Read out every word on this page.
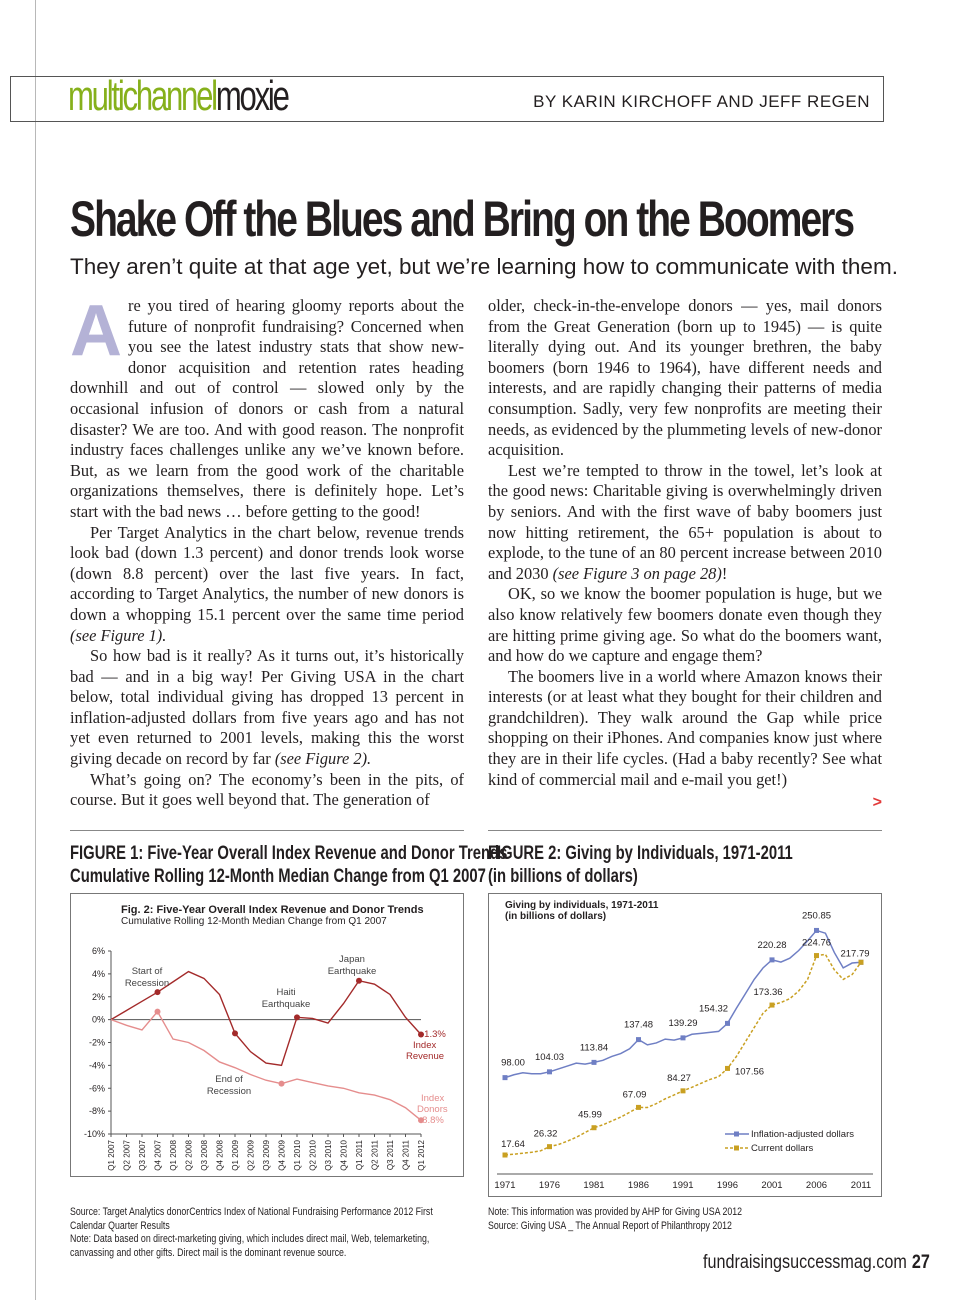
multichannelmoxie	BY KARIN KIRCHOFF AND JEFF REGEN
Shake Off the Blues and Bring on the Boomers
They aren’t quite at that age yet, but we’re learning how to communicate with them.

Are you tired of hearing gloomy reports about the future of nonprofit fundraising? Concerned when you see the latest industry stats that show new-donor acquisition and retention rates heading downhill and out of control — slowed only by the occasional infusion of donors or cash from a natural disaster? We are too. And with good reason. The nonprofit industry faces challenges unlike any we’ve known before. But, as we learn from the good work of the charitable organizations themselves, there is definitely hope. Let’s start with the bad news … before getting to the good!

Per Target Analytics in the chart below, revenue trends look bad (down 1.3 percent) and donor trends look worse (down 8.8 percent) over the last five years. In fact, according to Target Analytics, the number of new donors is down a whopping 15.1 percent over the same time period (see Figure 1).

So how bad is it really? As it turns out, it’s historically bad — and in a big way! Per Giving USA in the chart below, total individual giving has dropped 13 percent in inflation-adjusted dollars from five years ago and has not yet even returned to 2001 levels, making this the worst giving decade on record by far (see Figure 2).

What’s going on? The economy’s been in the pits, of course. But it goes well beyond that. The generation of

older, check-in-the-envelope donors — yes, mail donors from the Great Generation (born up to 1945) — is quite literally dying out. And its younger brethren, the baby boomers (born 1946 to 1964), have different needs and interests, and are rapidly changing their patterns of media consumption. Sadly, very few nonprofits are meeting their needs, as evidenced by the plummeting levels of new-donor acquisition.

Lest we’re tempted to throw in the towel, let’s look at the good news: Charitable giving is overwhelmingly driven by seniors. And with the first wave of baby boomers just now hitting retirement, the 65+ population is about to explode, to the tune of an 80 percent increase between 2010 and 2030 (see Figure 3 on page 28)!

OK, so we know the boomer population is huge, but we also know relatively few boomers donate even though they are hitting prime giving age. So what do the boomers want, and how do we capture and engage them?

The boomers live in a world where Amazon knows their interests (or at least what they bought for their children and grandchildren). They walk around the Gap while price shopping on their iPhones. And companies know just where they are in their life cycles. (Had a baby recently? See what kind of commercial mail and e-mail you get!)

>
FIGURE 1: Five-Year Overall Index Revenue and Donor Trends
Cumulative Rolling 12-Month Median Change from Q1 2007
Fig. 2: Five-Year Overall Index Revenue and Donor Trends
Cumulative Rolling 12-Month Median Change from Q1 2007
6%
4%
2%
0%
-2%
-4%
-6%
-8%
-10%
Q1 2007 Q2 2007 Q3 2007 Q4 2007 Q1 2008 Q2 2008 Q3 2008 Q4 2008 Q1 2009 Q2 2009 Q3 2009 Q4 2009 Q1 2010 Q2 2010 Q3 2010 Q4 2010 Q1 2011 Q2 2011 Q3 2011 Q4 2011 Q1 2012
Start of
Recession
End of
Recession
Haiti
Earthquake
Japan
Earthquake
-1.3%
Index
Revenue
Index
Donors
-8.8%
Source: Target Analytics donorCentrics Index of National Fundraising Performance 2012 First Calendar Quarter Results
Note: Data based on direct-marketing giving, which includes direct mail, Web, telemarketing, canvassing and other gifts. Direct mail is the dominant revenue source.
FIGURE 2: Giving by Individuals, 1971-2011
(in billions of dollars)
Giving by individuals, 1971-2011
(in billions of dollars)
1971 1976 1981 1986 1991 1996 2001 2006 2011
98.00
104.03
113.84
137.48 139.29
154.32
220.28
250.85
217.79
17.64
26.32
45.99
67.09
84.27
107.56
173.36
224.76
Inflation-adjusted dollars
Current dollars
Note: This information was provided by AHP for Giving USA 2012
Source: Giving USA _ The Annual Report of Philanthropy 2012
fundraisingsuccessmag.com 27
